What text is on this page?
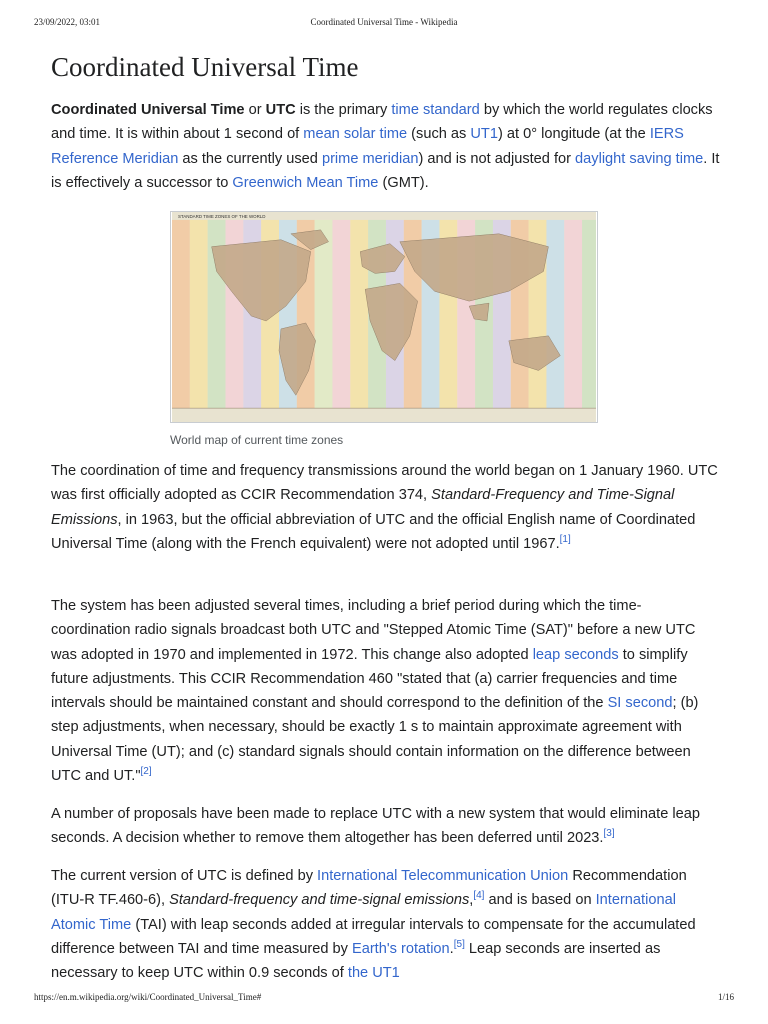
23/09/2022, 03:01	Coordinated Universal Time - Wikipedia
Coordinated Universal Time

Coordinated Universal Time or UTC is the primary time standard by which the world regulates clocks and time. It is within about 1 second of mean solar time (such as UT1) at 0° longitude (at the IERS Reference Meridian as the currently used prime meridian) and is not adjusted for daylight saving time. It is effectively a successor to Greenwich Mean Time (GMT).

STANDARD TIME ZONES OF THE WORLD
World map of current time zones

The coordination of time and frequency transmissions around the world began on 1 January 1960. UTC was first officially adopted as CCIR Recommendation 374, Standard-Frequency and Time-Signal Emissions, in 1963, but the official abbreviation of UTC and the official English name of Coordinated Universal Time (along with the French equivalent) were not adopted until 1967.[1]

The system has been adjusted several times, including a brief period during which the time-coordination radio signals broadcast both UTC and "Stepped Atomic Time (SAT)" before a new UTC was adopted in 1970 and implemented in 1972. This change also adopted leap seconds to simplify future adjustments. This CCIR Recommendation 460 "stated that (a) carrier frequencies and time intervals should be maintained constant and should correspond to the definition of the SI second; (b) step adjustments, when necessary, should be exactly 1 s to maintain approximate agreement with Universal Time (UT); and (c) standard signals should contain information on the difference between UTC and UT."[2]

A number of proposals have been made to replace UTC with a new system that would eliminate leap seconds. A decision whether to remove them altogether has been deferred until 2023.[3]

The current version of UTC is defined by International Telecommunication Union Recommendation (ITU-R TF.460-6), Standard-frequency and time-signal emissions,[4] and is based on International Atomic Time (TAI) with leap seconds added at irregular intervals to compensate for the accumulated difference between TAI and time measured by Earth's rotation.[5] Leap seconds are inserted as necessary to keep UTC within 0.9 seconds of the UT1

https://en.m.wikipedia.org/wiki/Coordinated_Universal_Time#	1/16
